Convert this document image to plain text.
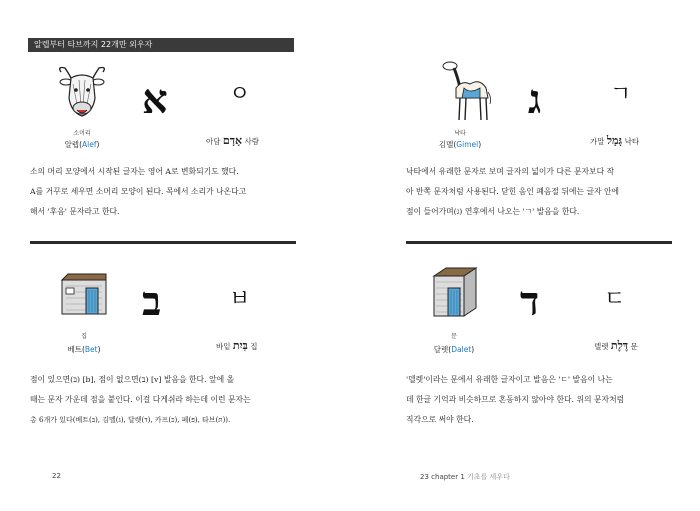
알렙부터 타브까지 22개만 외우자
א	ㅇ
소머리
알렙(Alef)	아담 אָדָם 사람

소의 머리 모양에서 시작된 글자는 영어 A로 변화되기도 했다.

A를 거꾸로 세우면 소머리 모양이 된다. 목에서 소리가 나온다고

해서 '후음' 문자라고 한다.

ב	ㅂ
집
베트(Bet)	바잍 בַּיִת 집

점이 있으면(בּ) [b], 점이 없으면(ב) [v] 발음을 한다. 앞에 올

때는 문자 가운데 점을 붙인다. 이걸 다게쉬라 하는데 이런 문자는

총 6개가 있다(베트(בּ), 김멜(גּ), 달렛(דּ), 카프(כּ), 페(פּ), 타브(תּ)).

22
ג	ㄱ
낙타
김멜(Gimel)	가말 גָּמָל 낙타

낙타에서 유래한 문자로 보며 글자의 넓이가 다른 문자보다 작

아 반쪽 문자처럼 사용된다. 닫힌 음인 폐음절 뒤에는 글자 안에

점이 들어가며(ּג) 연후에서 나오는 'ㄱ' 발음을 한다.

ד	ㄷ
문
달렛(Dalet)	델렛 דֶּלֶת 문

'델렛'이라는 문에서 유래한 글자이고 발음은 'ㄷ' 발음이 나는

데 한글 기억과 비슷하므로 혼동하지 않아야 한다. 위의 문자처럼

직각으로 써야 한다.

23 chapter 1 기초를 세우다
